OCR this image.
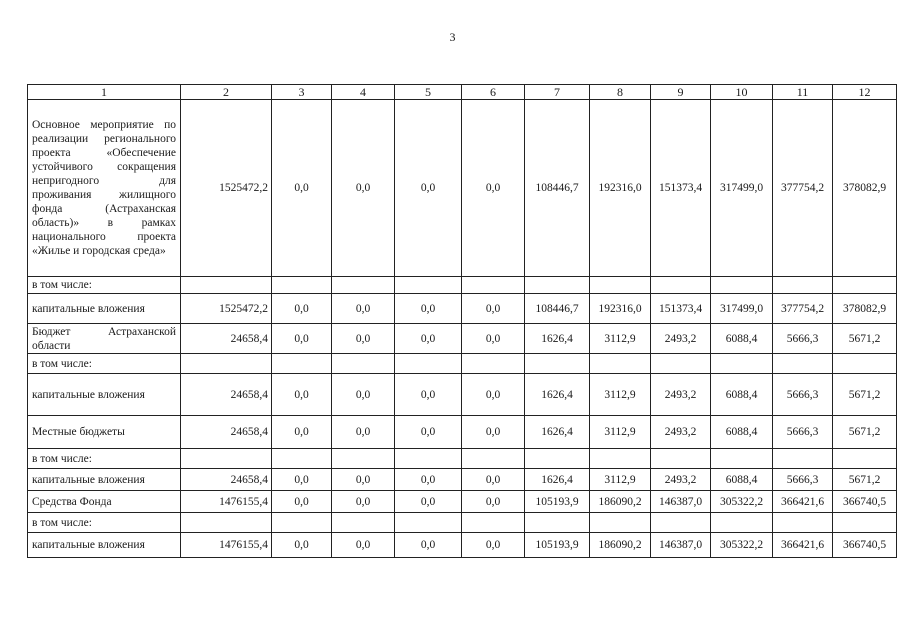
3
1	2	3	4	5	6	7	8	9	10	11	12
Основное мероприятие по реализации регионального проекта «Обеспечение устойчивого сокращения непригодного для проживания жилищного фонда (Астраханская область)» в рамках национального проекта «Жилье и городская среда»	1525472,2	0,0	0,0	0,0	0,0	108446,7	192316,0	151373,4	317499,0	377754,2	378082,9
в том числе:											
капитальные вложения	1525472,2	0,0	0,0	0,0	0,0	108446,7	192316,0	151373,4	317499,0	377754,2	378082,9
Бюджет Астраханской области	24658,4	0,0	0,0	0,0	0,0	1626,4	3112,9	2493,2	6088,4	5666,3	5671,2
в том числе:											
капитальные вложения	24658,4	0,0	0,0	0,0	0,0	1626,4	3112,9	2493,2	6088,4	5666,3	5671,2
Местные бюджеты	24658,4	0,0	0,0	0,0	0,0	1626,4	3112,9	2493,2	6088,4	5666,3	5671,2
в том числе:											
капитальные вложения	24658,4	0,0	0,0	0,0	0,0	1626,4	3112,9	2493,2	6088,4	5666,3	5671,2
Средства Фонда	1476155,4	0,0	0,0	0,0	0,0	105193,9	186090,2	146387,0	305322,2	366421,6	366740,5
в том числе:											
капитальные вложения	1476155,4	0,0	0,0	0,0	0,0	105193,9	186090,2	146387,0	305322,2	366421,6	366740,5
